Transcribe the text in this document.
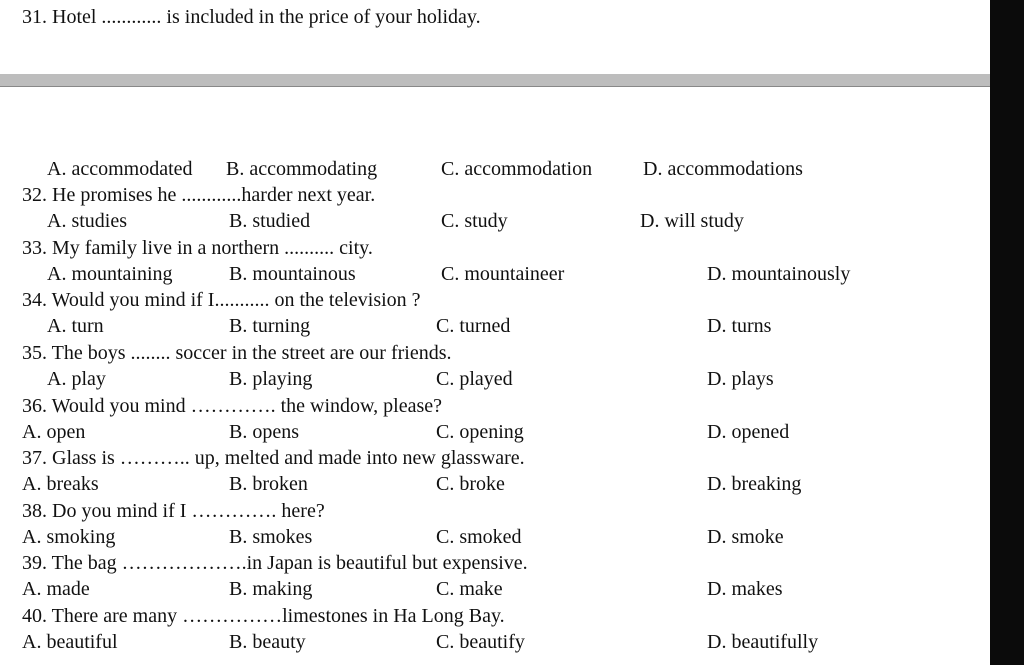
31. Hotel ............ is included in the price of your holiday.
A. accommodated B. accommodating	C. accommodation	D. accommodations
32. He promises he ............harder next year.
A. studies	B. studied	C. study	D. will study
33. My family live in a northern .......... city.
A. mountaining	B. mountainous	C. mountaineer	D. mountainously
34. Would you mind if I........... on the television ?
A. turn	B. turning	C. turned	D. turns
35. The boys ........ soccer in the street are our friends.
A. play	B. playing	C. played	D. plays
36. Would you mind …………. the window, please?
A. open	B. opens	C. opening	D. opened
37. Glass is ……….. up, melted and made into new glassware.
A. breaks	B. broken	C. broke	D. breaking
38. Do you mind if I …………. here?
A. smoking	B. smokes	C. smoked	D. smoke
39. The bag ……………….in Japan is beautiful but expensive.
A. made	B. making	C. make	D. makes
40. There are many ……………limestones in Ha Long Bay.
A. beautiful	B. beauty	C. beautify	D. beautifully
